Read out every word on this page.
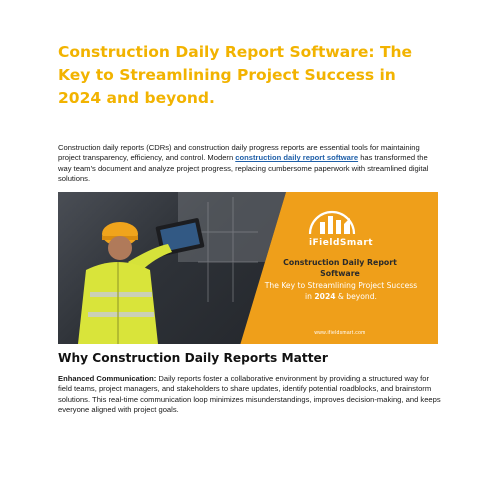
Construction Daily Report Software: The Key to Streamlining Project Success in 2024 and beyond.

Construction daily reports (CDRs) and construction daily progress reports are essential tools for maintaining project transparency, efficiency, and control. Modern construction daily report software has transformed the way team’s document and analyze project progress, replacing cumbersome paperwork with streamlined digital solutions.

iFieldSmart
Construction Daily Report Software
The Key to Streamlining Project Success in 2024 & beyond.
www.ifieldsmart.com
Why Construction Daily Reports Matter

Enhanced Communication: Daily reports foster a collaborative environment by providing a structured way for field teams, project managers, and stakeholders to share updates, identify potential roadblocks, and brainstorm solutions. This real-time communication loop minimizes misunderstandings, improves decision-making, and keeps everyone aligned with project goals.
